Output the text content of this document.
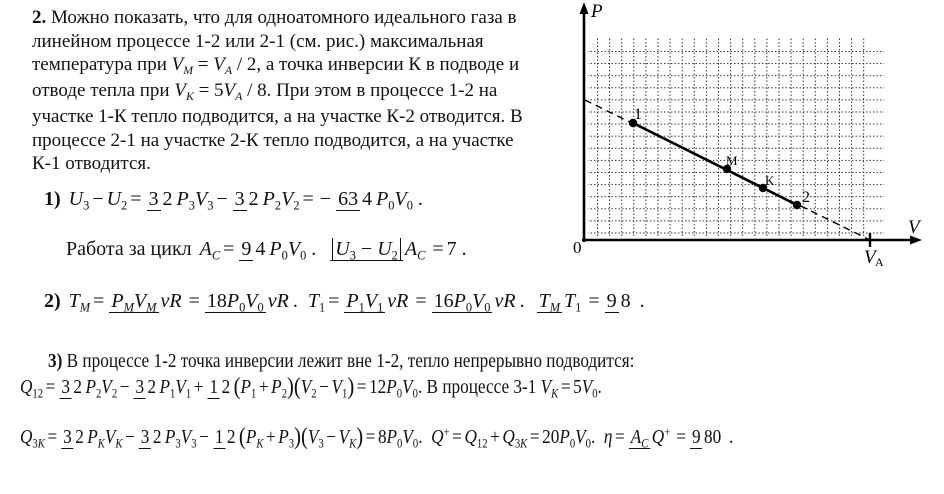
2. Можно показать, что для одноатомного идеального газа в
линейном процессе 1-2 или 2-1 (см. рис.) максимальная
температура при $V_M = V_A / 2$, а точка инверсии К в подводе и
отводе тепла при $V_K = 5V_A / 8$. При этом в процессе 1-2 на
участке 1-К тепло подводится, а на участке К-2 отводится. В
процессе 2-1 на участке 2-К тепло подводится, а на участке
К-1 отводится.
1) $U_3 - U_2 = 3$ 2 $P_3V_3 - 3$ 2 $P_2V_2$ = − 63 4 $P_0V_0$ .
Работа за цикл $A_C = 9$ 4 $P_0V_0$ . $U_3 - U_2$ $A_C = 7$ .
2) $T_M = P_MV_M$ $\nu R = 18P_0V_0$ νR . $T_1 = P_1V_1$ $\nu R = 16P_0V_0$ νR . $T_M$ $T_1 = 9$ 8 .
3) В процессе 1-2 точка инверсии лежит вне 1-2, тепло непрерывно подводится:
$Q_{12} = 3$ 2 $P_2V_2 - 3$ 2 $P_1V_1 + 1$ 2 ( $P_1 + P_2$ )( $V_2 - V_1$ ) = 12 $P_0V_0$. В процессе 3-1 $V_K = 5$ $V_0$.
$Q_{3K} = 3$ 2 $P_KV_K - 3$ 2 $P_3V_3 - 1$ 2 ( $P_K + P_3$ )( $V_3 - V_K$ ) = 8 $P_0V_0$. $Q^+ = Q_{12} + Q_{3K} = 20$ $P_0V_0$. $\eta = A_C$ Q+ = 9 80 .
1
M
K
2
P
V
0	V A
